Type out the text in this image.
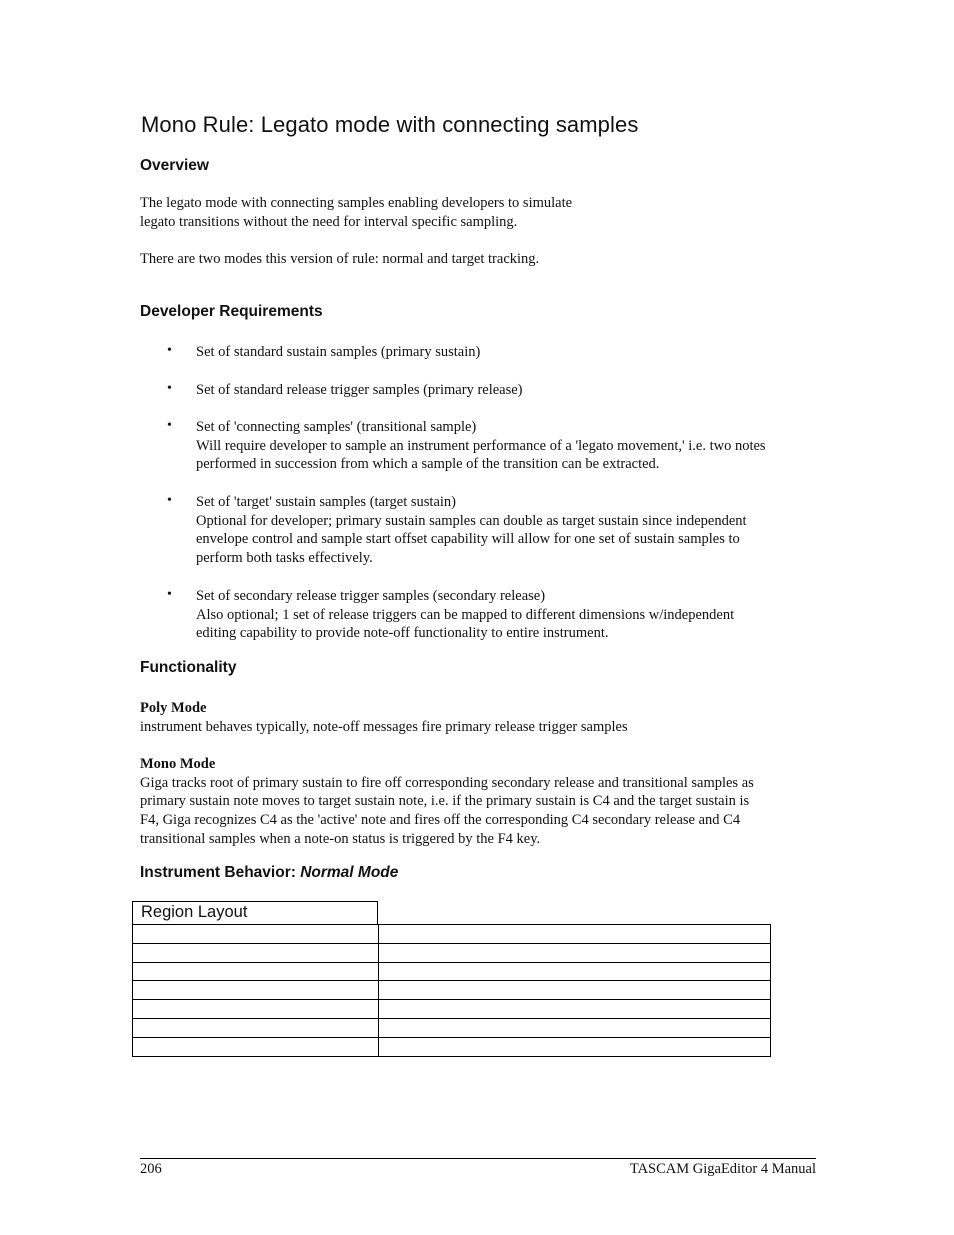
Mono Rule: Legato mode with connecting samples
Overview
The legato mode with connecting samples enabling developers to simulate
legato transitions without the need for interval specific sampling.
There are two modes this version of rule: normal and target tracking.
Developer Requirements
• Set of standard sustain samples (primary sustain)
• Set of standard release trigger samples (primary release)
• Set of 'connecting samples' (transitional sample)
Will require developer to sample an instrument performance of a 'legato movement,' i.e. two notes
performed in succession from which a sample of the transition can be extracted.
• Set of 'target' sustain samples (target sustain)
Optional for developer; primary sustain samples can double as target sustain since independent
envelope control and sample start offset capability will allow for one set of sustain samples to
perform both tasks effectively.
• Set of secondary release trigger samples (secondary release)
Also optional; 1 set of release triggers can be mapped to different dimensions w/independent
editing capability to provide note-off functionality to entire instrument.
Functionality
Poly Mode
instrument behaves typically, note-off messages fire primary release trigger samples
Mono Mode
Giga tracks root of primary sustain to fire off corresponding secondary release and transitional samples as
primary sustain note moves to target sustain note, i.e. if the primary sustain is C4 and the target sustain is
F4, Giga recognizes C4 as the 'active' note and fires off the corresponding C4 secondary release and C4
transitional samples when a note-on status is triggered by the F4 key.
Instrument Behavior: Normal Mode

Region Layout
206	TASCAM GigaEditor 4 Manual
